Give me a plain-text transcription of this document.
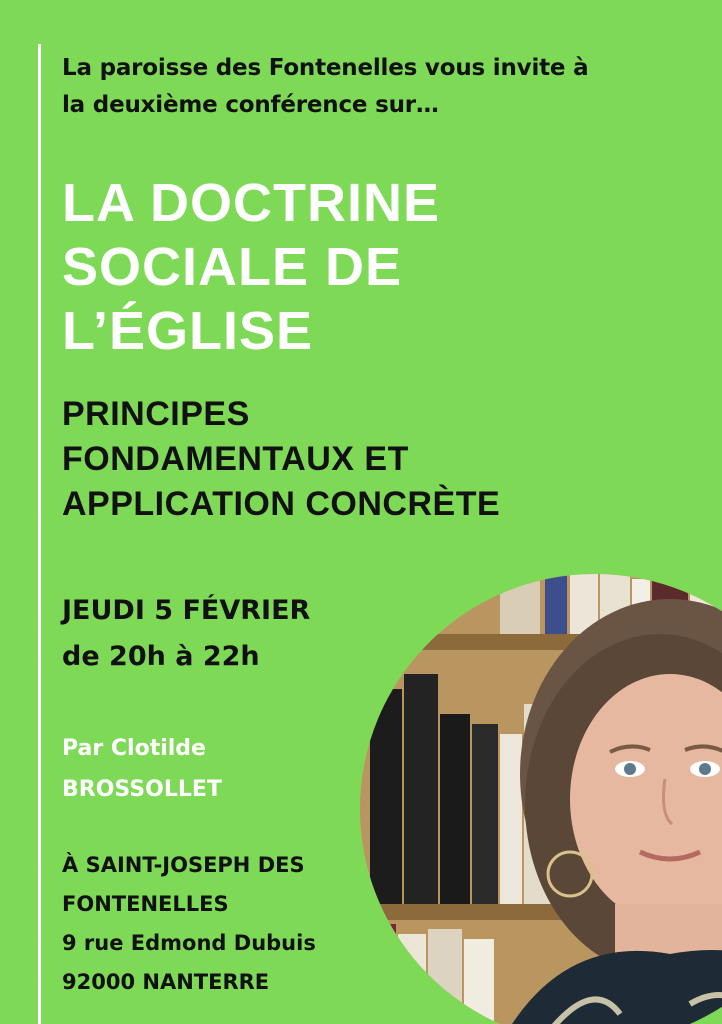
La paroisse des Fontenelles vous invite à
la deuxième conférence sur…
LA DOCTRINE
SOCIALE DE
L’ÉGLISE
PRINCIPES
FONDAMENTAUX ET
APPLICATION CONCRÈTE
JEUDI 5 FÉVRIER
de 20h à 22h
Par Clotilde
BROSSOLLET
À SAINT-JOSEPH DES
FONTENELLES
9 rue Edmond Dubuis
92000 NANTERRE
